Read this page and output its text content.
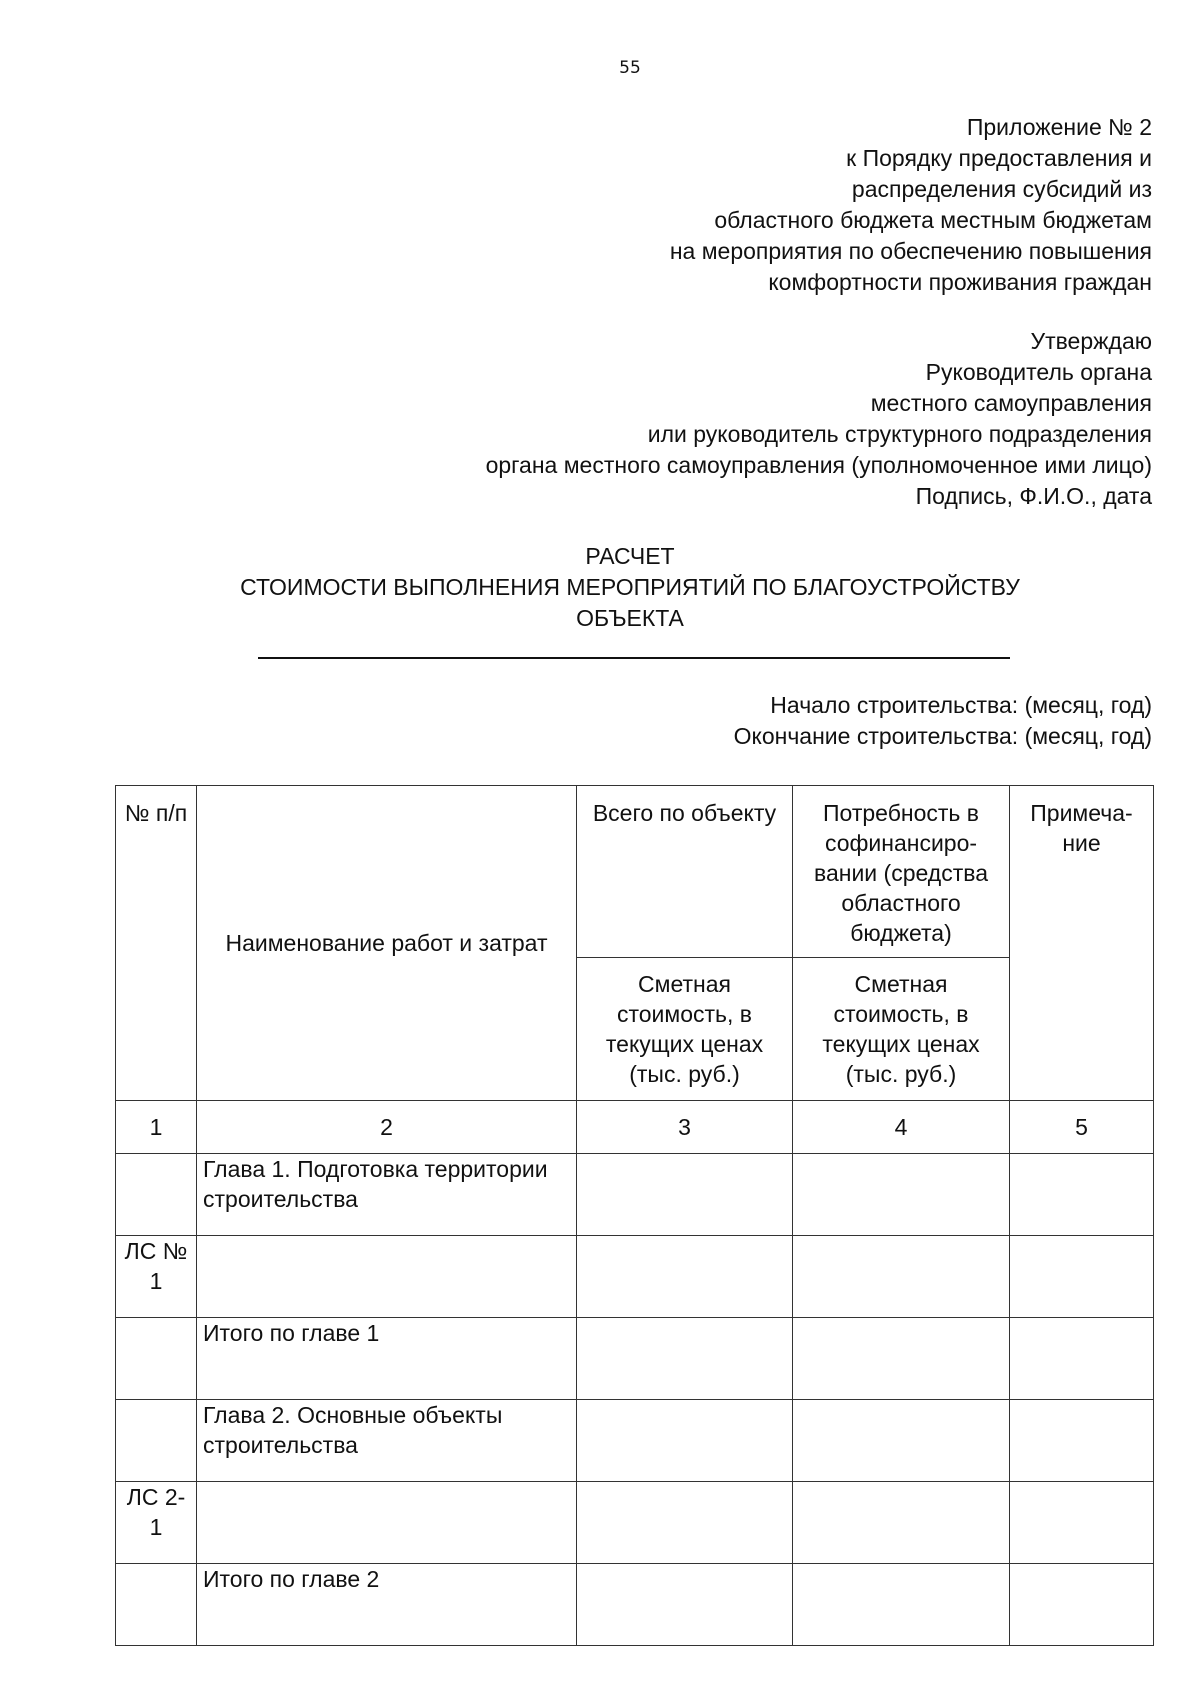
55
Приложение № 2
к Порядку предоставления и
распределения субсидий из
областного бюджета местным бюджетам
на мероприятия по обеспечению повышения
комфортности проживания граждан
Утверждаю
Руководитель органа
местного самоуправления
или руководитель структурного подразделения
органа местного самоуправления (уполномоченное ими лицо)
Подпись, Ф.И.О., дата
РАСЧЕТ
СТОИМОСТИ ВЫПОЛНЕНИЯ МЕРОПРИЯТИЙ ПО БЛАГОУСТРОЙСТВУ
ОБЪЕКТА
Начало строительства: (месяц, год)
Окончание строительства: (месяц, год)
№ п/п	Наименование работ и затрат	Всего по объекту	Потребность в софинансиро-вании (средства областного бюджета)	Примеча-ние
		Сметная стоимость, в текущих ценах (тыс. руб.)	Сметная стоимость, в текущих ценах (тыс. руб.)	
1	2	3	4	5
	Глава 1. Подготовка территории строительства			
ЛС № 1				
	Итого по главе 1			
	Глава 2. Основные объекты строительства			
ЛС 2-1				
	Итого по главе 2			
